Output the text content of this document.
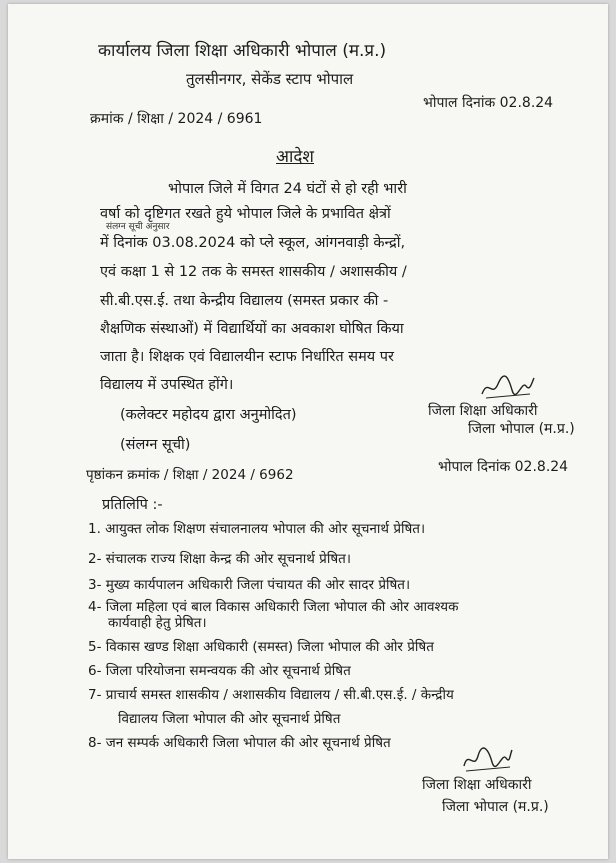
कार्यालय जिला शिक्षा अधिकारी भोपाल (म.प्र.)
तुलसीनगर, सेकेंड स्टाप भोपाल
भोपाल दिनांक 02.8.24
क्रमांक / शिक्षा / 2024 / 6961
आदेश
भोपाल जिले में विगत 24 घंटों से हो रही भारी
वर्षा को दृष्टिगत रखते हुये भोपाल जिले के प्रभावित क्षेत्रों
संलग्न सूची अनुसार
में दिनांक 03.08.2024 को प्ले स्कूल, आंगनवाड़ी केन्द्रों,
एवं कक्षा 1 से 12 तक के समस्त शासकीय / अशासकीय /
सी.बी.एस.ई. तथा केन्द्रीय विद्यालय (समस्त प्रकार की -
शैक्षणिक संस्थाओं) में विद्यार्थियों का अवकाश घोषित किया
जाता है। शिक्षक एवं विद्यालयीन स्टाफ निर्धारित समय पर
विद्यालय में उपस्थित होंगे।
(कलेक्टर महोदय द्वारा अनुमोदित)
(संलग्न सूची)
जिला शिक्षा अधिकारी
जिला भोपाल (म.प्र.)
पृष्ठांकन क्रमांक / शिक्षा / 2024 / 6962	भोपाल दिनांक 02.8.24
प्रतिलिपि :-
1. आयुक्त लोक शिक्षण संचालनालय भोपाल की ओर सूचनार्थ प्रेषित।
2- संचालक राज्य शिक्षा केन्द्र की ओर सूचनार्थ प्रेषित।
3- मुख्य कार्यपालन अधिकारी जिला पंचायत की ओर सादर प्रेषित।
4- जिला महिला एवं बाल विकास अधिकारी जिला भोपाल की ओर आवश्यक
कार्यवाही हेतु प्रेषित।
5- विकास खण्ड शिक्षा अधिकारी (समस्त) जिला भोपाल की ओर प्रेषित
6- जिला परियोजना समन्वयक की ओर सूचनार्थ प्रेषित
7- प्राचार्य समस्त शासकीय / अशासकीय विद्यालय / सी.बी.एस.ई. / केन्द्रीय
विद्यालय जिला भोपाल की ओर सूचनार्थ प्रेषित
8- जन सम्पर्क अधिकारी जिला भोपाल की ओर सूचनार्थ प्रेषित
जिला शिक्षा अधिकारी
जिला भोपाल (म.प्र.)
